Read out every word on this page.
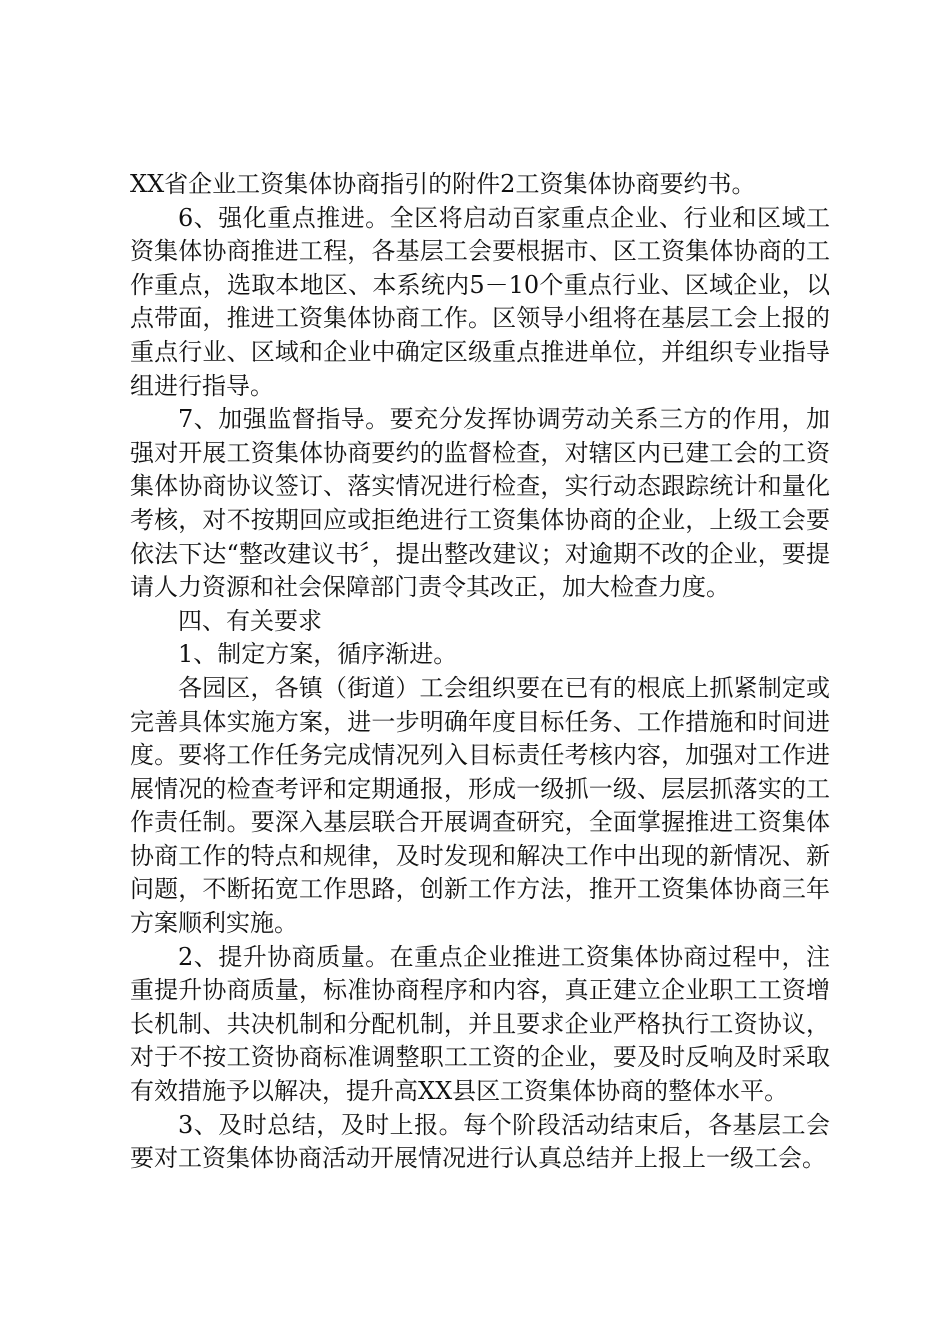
XX省企业工资集体协商指引的附件2工资集体协商要约书。

6、强化重点推进。全区将启动百家重点企业、行业和区域工资集体协商推进工程，各基层工会要根据市、区工资集体协商的工作重点，选取本地区、本系统内5－10个重点行业、区域企业，以点带面，推进工资集体协商工作。区领导小组将在基层工会上报的重点行业、区域和企业中确定区级重点推进单位，并组织专业指导组进行指导。

7、加强监督指导。要充分发挥协调劳动关系三方的作用，加强对开展工资集体协商要约的监督检查，对辖区内已建工会的工资集体协商协议签订、落实情况进行检查，实行动态跟踪统计和量化考核，对不按期回应或拒绝进行工资集体协商的企业，上级工会要依法下达“整改建议书〞，提出整改建议；对逾期不改的企业，要提请人力资源和社会保障部门责令其改正，加大检查力度。

四、有关要求

1、制定方案，循序渐进。

各园区，各镇（街道）工会组织要在已有的根底上抓紧制定或完善具体实施方案，进一步明确年度目标任务、工作措施和时间进度。要将工作任务完成情况列入目标责任考核内容，加强对工作进展情况的检查考评和定期通报，形成一级抓一级、层层抓落实的工作责任制。要深入基层联合开展调查研究，全面掌握推进工资集体协商工作的特点和规律，及时发现和解决工作中出现的新情况、新问题，不断拓宽工作思路，创新工作方法，推开工资集体协商三年方案顺利实施。

2、提升协商质量。在重点企业推进工资集体协商过程中，注重提升协商质量，标准协商程序和内容，真正建立企业职工工资增长机制、共决机制和分配机制，并且要求企业严格执行工资协议，对于不按工资协商标准调整职工工资的企业，要及时反响及时采取有效措施予以解决，提升高XX县区工资集体协商的整体水平。

3、及时总结，及时上报。每个阶段活动结束后，各基层工会要对工资集体协商活动开展情况进行认真总结并上报上一级工会。
